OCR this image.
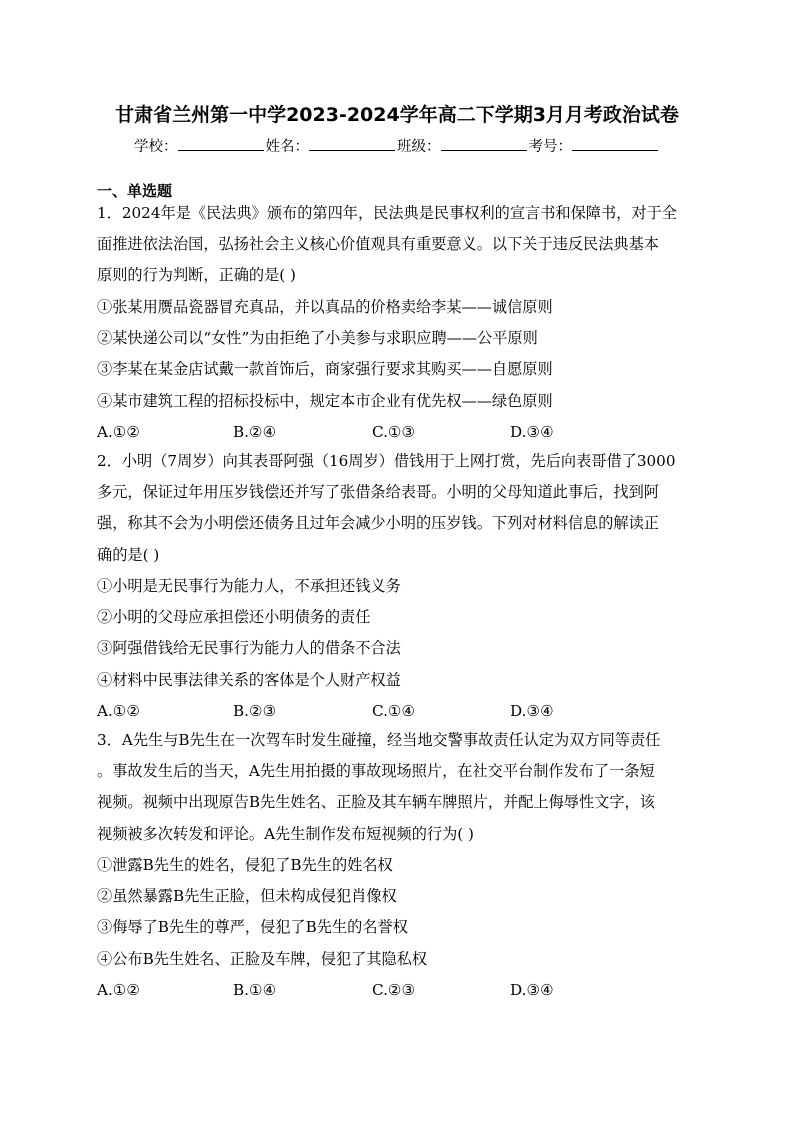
甘肃省兰州第一中学2023-2024学年高二下学期3月月考政治试卷
学校：	姓名：	班级：	考号：
一、单选题
1．2024年是《民法典》颁布的第四年，民法典是民事权利的宣言书和保障书，对于全
面推进依法治国，弘扬社会主义核心价值观具有重要意义。以下关于违反民法典基本
原则的行为判断，正确的是( )
①张某用赝品瓷器冒充真品，并以真品的价格卖给李某——诚信原则
②某快递公司以“女性”为由拒绝了小美参与求职应聘——公平原则
③李某在某金店试戴一款首饰后，商家强行要求其购买——自愿原则
④某市建筑工程的招标投标中，规定本市企业有优先权——绿色原则
A.①②	B.②④	C.①③	D.③④
2．小明（7周岁）向其表哥阿强（16周岁）借钱用于上网打赏，先后向表哥借了3000
多元，保证过年用压岁钱偿还并写了张借条给表哥。小明的父母知道此事后，找到阿
强，称其不会为小明偿还债务且过年会减少小明的压岁钱。下列对材料信息的解读正
确的是( )
①小明是无民事行为能力人，不承担还钱义务
②小明的父母应承担偿还小明债务的责任
③阿强借钱给无民事行为能力人的借条不合法
④材料中民事法律关系的客体是个人财产权益
A.①②	B.②③	C.①④	D.③④
3．A先生与B先生在一次驾车时发生碰撞，经当地交警事故责任认定为双方同等责任
。事故发生后的当天，A先生用拍摄的事故现场照片，在社交平台制作发布了一条短
视频。视频中出现原告B先生姓名、正脸及其车辆车牌照片，并配上侮辱性文字，该
视频被多次转发和评论。A先生制作发布短视频的行为( )
①泄露B先生的姓名，侵犯了B先生的姓名权
②虽然暴露B先生正脸，但未构成侵犯肖像权
③侮辱了B先生的尊严，侵犯了B先生的名誉权
④公布B先生姓名、正脸及车牌，侵犯了其隐私权
A.①②	B.①④	C.②③	D.③④
